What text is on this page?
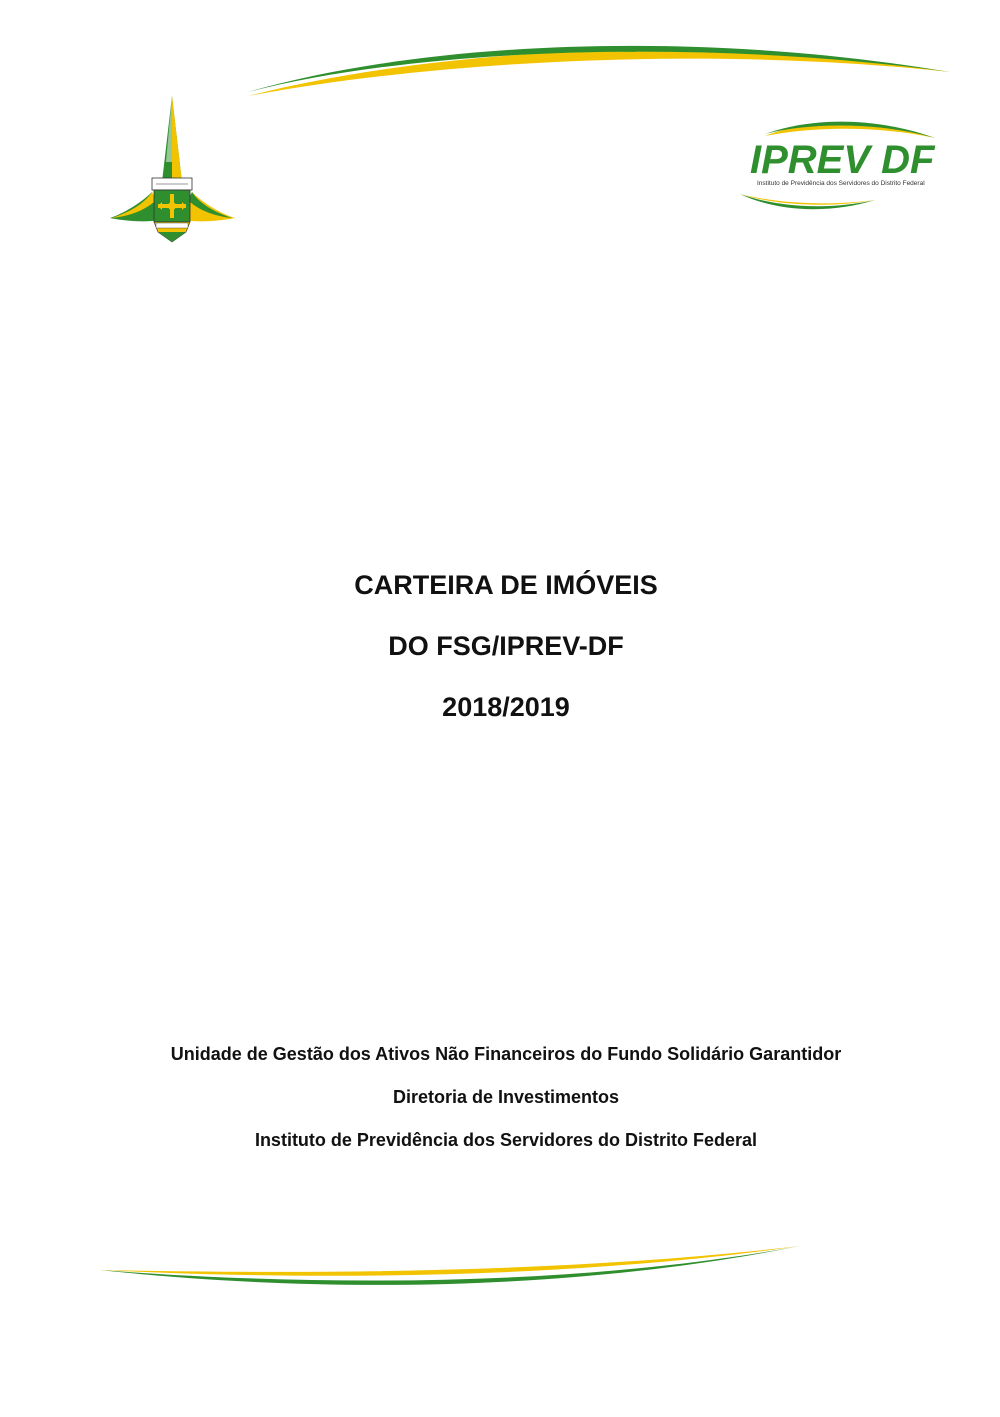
IPREV DF
Instituto de Previdência dos Servidores do Distrito Federal
CARTEIRA DE IMÓVEIS
DO FSG/IPREV-DF
2018/2019
Unidade de Gestão dos Ativos Não Financeiros do Fundo Solidário Garantidor
Diretoria de Investimentos
Instituto de Previdência dos Servidores do Distrito Federal
